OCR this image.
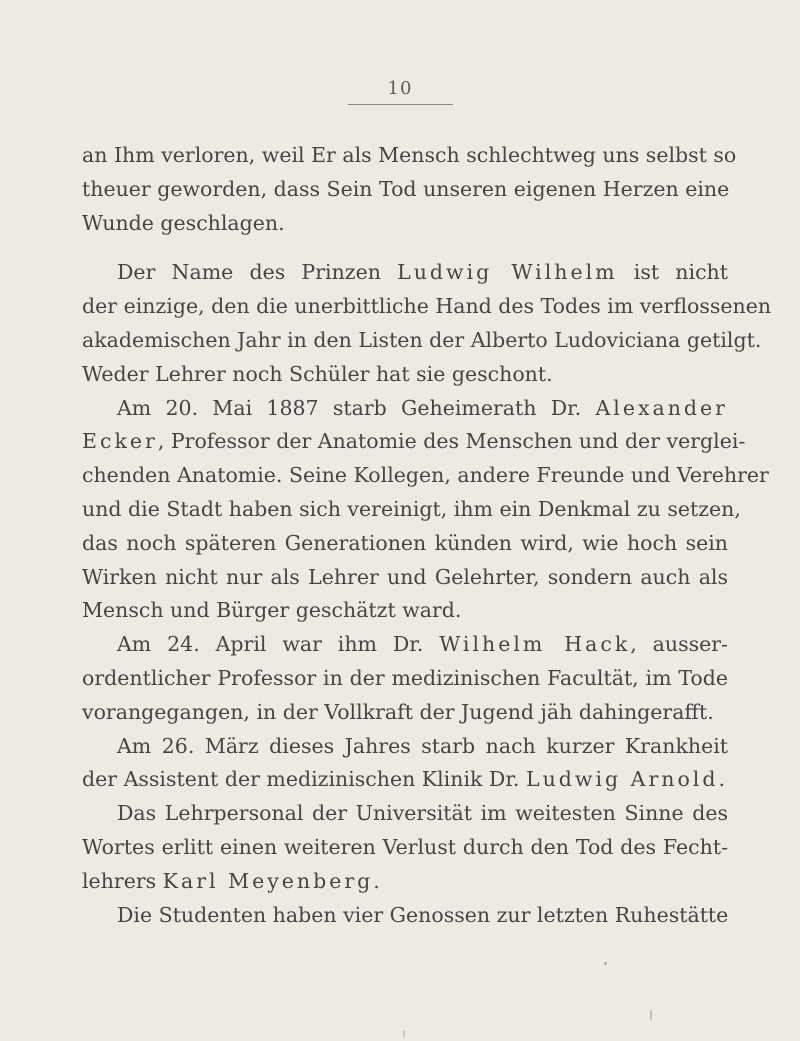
10
an Ihm verloren, weil Er als Mensch schlechtweg uns selbst so
theuer geworden, dass Sein Tod unseren eigenen Herzen eine
Wunde geschlagen.
Der Name des Prinzen Ludwig Wilhelm ist nicht
der einzige, den die unerbittliche Hand des Todes im verflossenen
akademischen Jahr in den Listen der Alberto Ludoviciana getilgt.
Weder Lehrer noch Schüler hat sie geschont.
Am 20. Mai 1887 starb Geheimerath Dr. Alexander
Ecker, Professor der Anatomie des Menschen und der verglei-
chenden Anatomie. Seine Kollegen, andere Freunde und Verehrer
und die Stadt haben sich vereinigt, ihm ein Denkmal zu setzen,
das noch späteren Generationen künden wird, wie hoch sein
Wirken nicht nur als Lehrer und Gelehrter, sondern auch als
Mensch und Bürger geschätzt ward.
Am 24. April war ihm Dr. Wilhelm Hack, ausser-
ordentlicher Professor in der medizinischen Facultät, im Tode
vorangegangen, in der Vollkraft der Jugend jäh dahingerafft.
Am 26. März dieses Jahres starb nach kurzer Krankheit
der Assistent der medizinischen Klinik Dr. Ludwig Arnold.
Das Lehrpersonal der Universität im weitesten Sinne des
Wortes erlitt einen weiteren Verlust durch den Tod des Fecht-
lehrers Karl Meyenberg.
Die Studenten haben vier Genossen zur letzten Ruhestätte
